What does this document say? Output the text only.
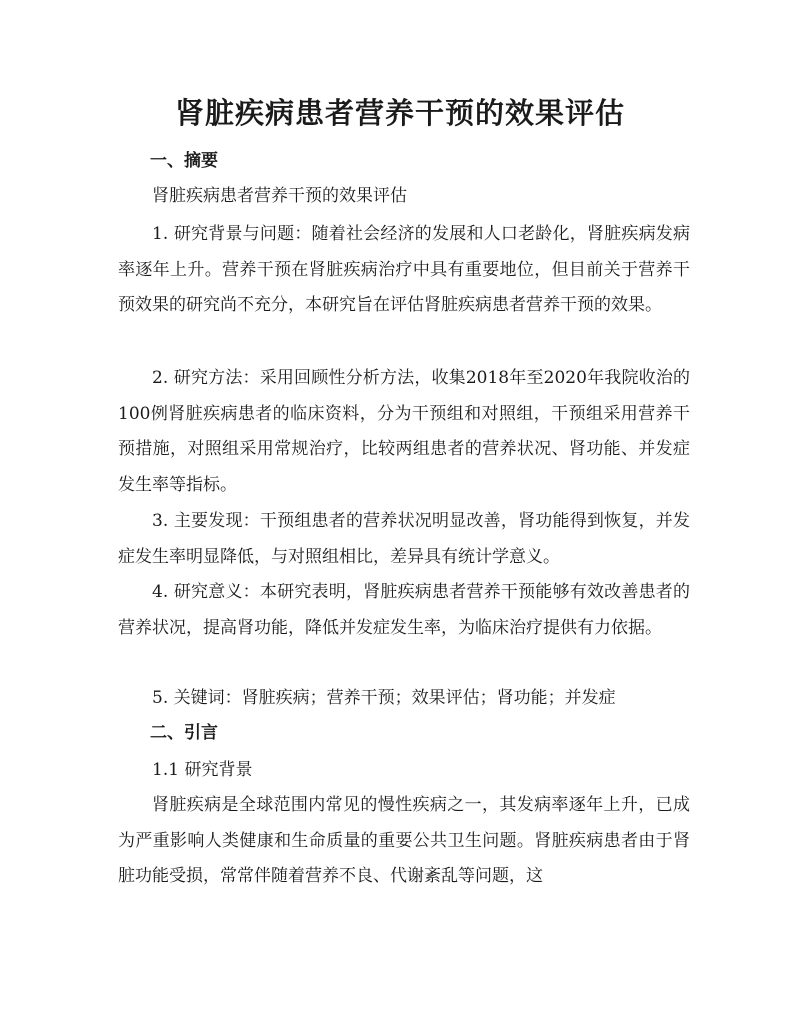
肾脏疾病患者营养干预的效果评估
一、摘要

肾脏疾病患者营养干预的效果评估

1. 研究背景与问题：随着社会经济的发展和人口老龄化，肾脏疾病发病率逐年上升。营养干预在肾脏疾病治疗中具有重要地位，但目前关于营养干预效果的研究尚不充分，本研究旨在评估肾脏疾病患者营养干预的效果。

2. 研究方法：采用回顾性分析方法，收集2018年至2020年我院收治的100例肾脏疾病患者的临床资料，分为干预组和对照组，干预组采用营养干预措施，对照组采用常规治疗，比较两组患者的营养状况、肾功能、并发症发生率等指标。

3. 主要发现：干预组患者的营养状况明显改善，肾功能得到恢复，并发症发生率明显降低，与对照组相比，差异具有统计学意义。

4. 研究意义：本研究表明，肾脏疾病患者营养干预能够有效改善患者的营养状况，提高肾功能，降低并发症发生率，为临床治疗提供有力依据。

5. 关键词：肾脏疾病；营养干预；效果评估；肾功能；并发症

二、引言

1.1 研究背景

肾脏疾病是全球范围内常见的慢性疾病之一，其发病率逐年上升，已成为严重影响人类健康和生命质量的重要公共卫生问题。肾脏疾病患者由于肾脏功能受损，常常伴随着营养不良、代谢紊乱等问题，这
